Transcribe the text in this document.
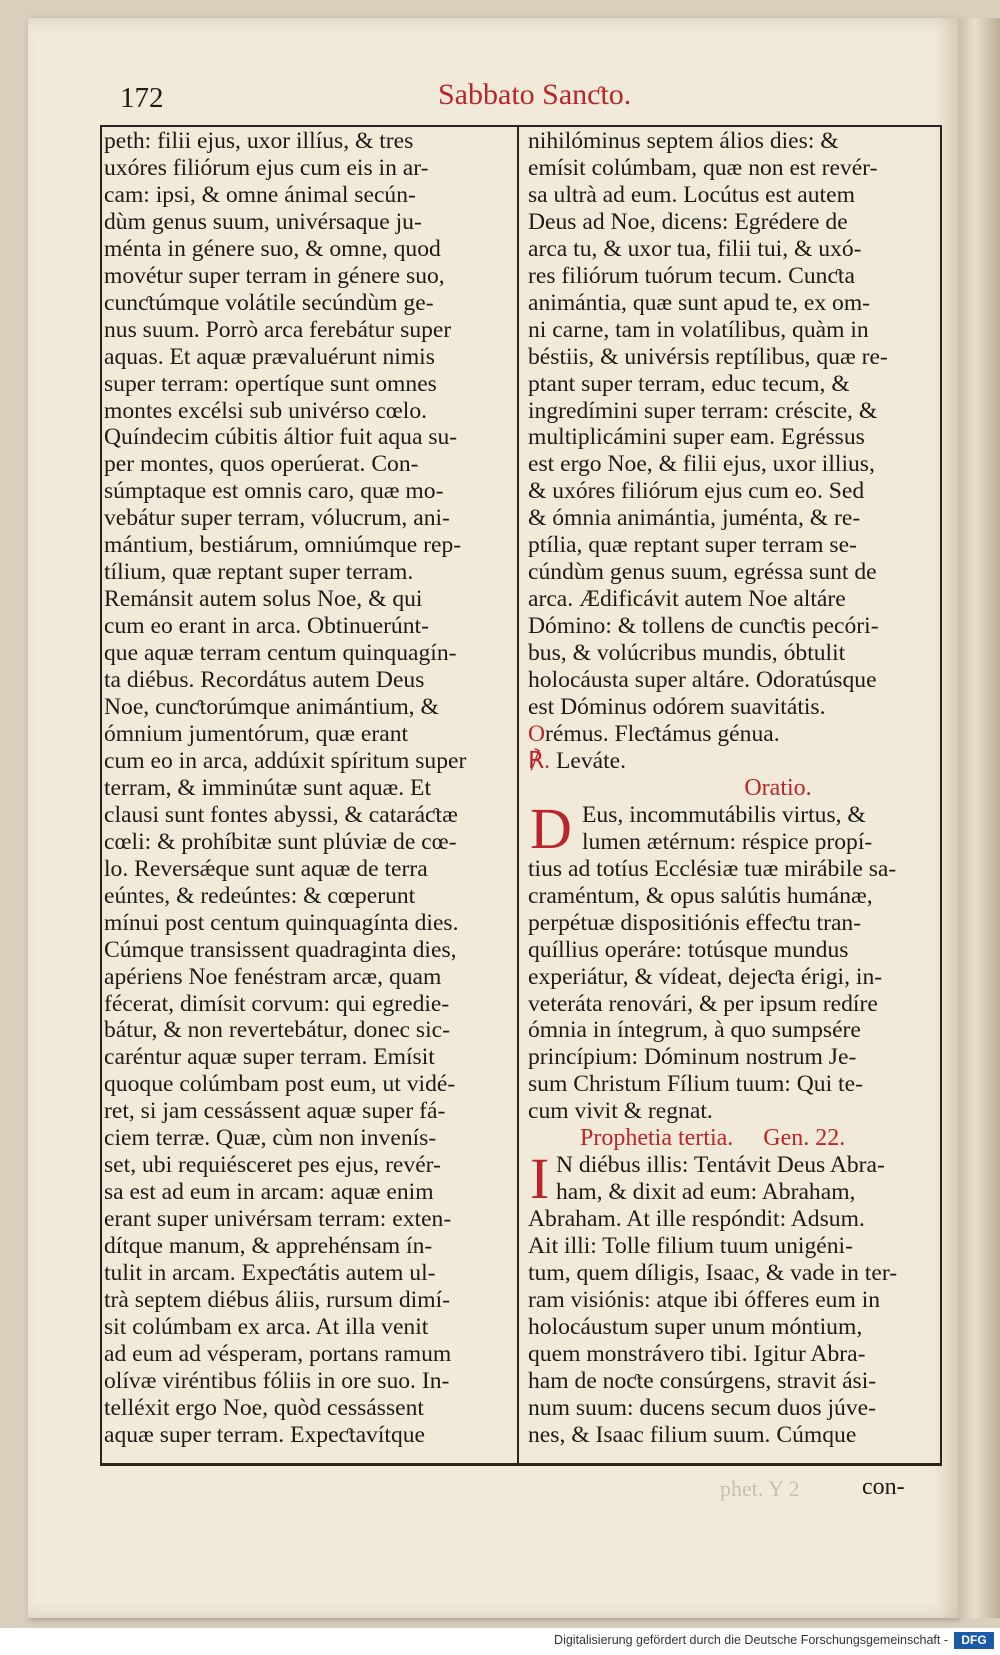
172	Sabbato Sanƈto.
peth: filii ejus, uxor illíus, & tres
uxóres filiórum ejus cum eis in ar-
cam: ipsi, & omne ánimal secún-
dùm genus suum, univérsaque ju-
ménta in génere suo, & omne, quod
movétur super terram in génere suo,
cunƈtúmque volátile secúndùm ge-
nus suum. Porrò arca ferebátur super
aquas. Et aquæ prævaluérunt nimis
super terram: opertíque sunt omnes
montes excélsi sub univérso cœlo.
Quíndecim cúbitis áltior fuit aqua su-
per montes, quos operúerat. Con-
súmptaque est omnis caro, quæ mo-
vebátur super terram, vólucrum, ani-
mántium, bestiárum, omniúmque rep-
tílium, quæ reptant super terram.
Remánsit autem solus Noe, & qui
cum eo erant in arca. Obtinuerúnt-
que aquæ terram centum quinquagín-
ta diébus. Recordátus autem Deus
Noe, cunƈtorúmque animántium, &
ómnium jumentórum, quæ erant
cum eo in arca, addúxit spíritum super
terram, & imminútæ sunt aquæ. Et
clausi sunt fontes abyssi, & cataráƈtæ
cœli: & prohíbitæ sunt plúviæ de cœ-
lo. Reversǽque sunt aquæ de terra
eúntes, & redeúntes: & cœperunt
mínui post centum quinquagínta dies.
Cúmque transissent quadraginta dies,
apériens Noe fenéstram arcæ, quam
fécerat, dimísit corvum: qui egredie-
bátur, & non revertebátur, donec sic-
caréntur aquæ super terram. Emísit
quoque colúmbam post eum, ut vidé-
ret, si jam cessássent aquæ super fá-
ciem terræ. Quæ, cùm non invenís-
set, ubi requiésceret pes ejus, revér-
sa est ad eum in arcam: aquæ enim
erant super univérsam terram: exten-
dítque manum, & apprehénsam ín-
tulit in arcam. Expeƈtátis autem ul-
trà septem diébus áliis, rursum dimí-
sit colúmbam ex arca. At illa venit
ad eum ad vésperam, portans ramum
olívæ viréntibus fóliis in ore suo. In-
telléxit ergo Noe, quòd cessássent
aquæ super terram. Expeƈtavítque
nihilóminus septem álios dies: &
emísit colúmbam, quæ non est revér-
sa ultrà ad eum. Locútus est autem
Deus ad Noe, dicens: Egrédere de
arca tu, & uxor tua, filii tui, & uxó-
res filiórum tuórum tecum. Cunƈta
animántia, quæ sunt apud te, ex om-
ni carne, tam in volatílibus, quàm in
béstiis, & univérsis reptílibus, quæ re-
ptant super terram, educ tecum, &
ingredímini super terram: créscite, &
multiplicámini super eam. Egréssus
est ergo Noe, & filii ejus, uxor illius,
& uxóres filiórum ejus cum eo. Sed
& ómnia animántia, juménta, & re-
ptília, quæ reptant super terram se-
cúndùm genus suum, egréssa sunt de
arca. Ædificávit autem Noe altáre
Dómino: & tollens de cunƈtis pecóri-
bus, & volúcribus mundis, óbtulit
holocáusta super altáre. Odoratúsque
est Dóminus odórem suavitátis.
Orémus. Fleƈtámus génua.
℟. Leváte.
Oratio.
D Eus, incommutábilis virtus, &
lumen ætérnum: réspice propí-
tius ad totíus Ecclésiæ tuæ mirábile sa-
craméntum, & opus salútis humánæ,
perpétuæ dispositiónis effeƈtu tran-
quíllius operáre: totúsque mundus
experiátur, & vídeat, dejeƈta érigi, in-
veteráta renovári, & per ipsum redíre
ómnia in íntegrum, à quo sumpsére
princípium: Dóminum nostrum Je-
sum Christum Fílium tuum: Qui te-
cum vivit & regnat.
Prophetia tertia. Gen. 22.
I N diébus illis: Tentávit Deus Abra-
ham, & dixit ad eum: Abraham,
Abraham. At ille respóndit: Adsum.
Ait illi: Tolle filium tuum unigéni-
tum, quem díligis, Isaac, & vade in ter-
ram visiónis: atque ibi ófferes eum in
holocáustum super unum móntium,
quem monstrávero tibi. Igitur Abra-
ham de noƈte consúrgens, stravit ási-
num suum: ducens secum duos júve-
nes, & Isaac filium suum. Cúmque
phet. Y 2	con-
Digitalisierung gefördert durch die Deutsche Forschungsgemeinschaft -	DFG
